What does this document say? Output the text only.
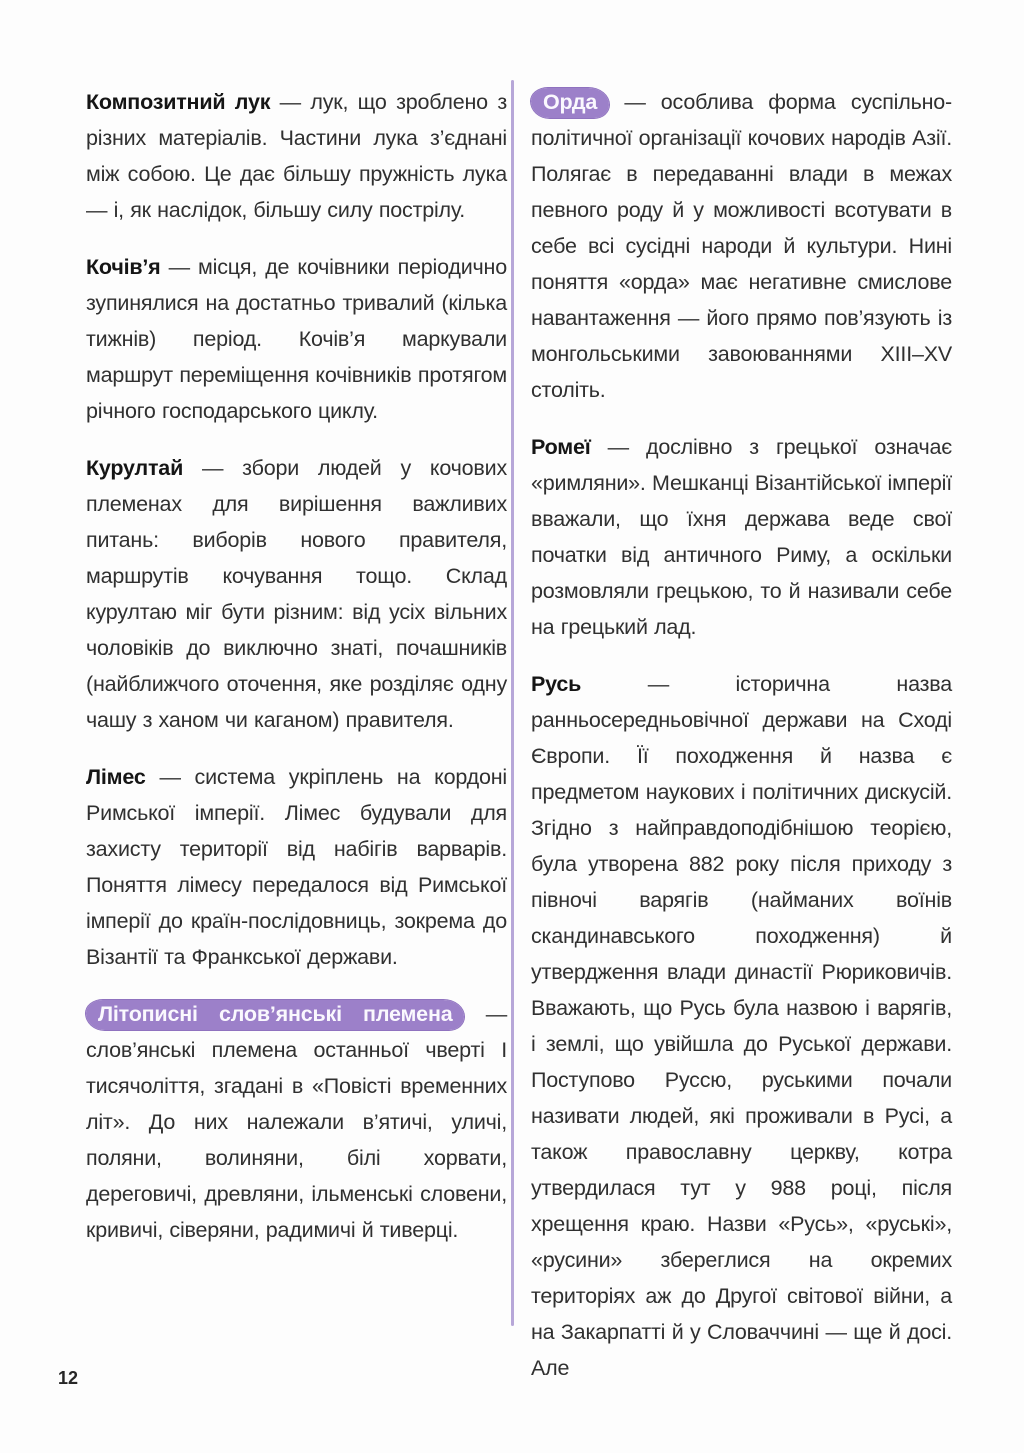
Композитний лук — лук, що зроблено з різних матеріалів. Частини лука з’єднані між собою. Це дає більшу пружність лука — і, як наслідок, більшу силу пострілу.

Кочів’я — місця, де кочівники періодично зупинялися на достатньо тривалий (кілька тижнів) період. Кочів’я маркували маршрут переміщення кочівників протягом річного господарського циклу.

Курултай — збори людей у кочових племенах для вирішення важливих питань: виборів нового правителя, маршрутів кочування тощо. Склад курултаю міг бути різним: від усіх вільних чоловіків до виключно знаті, почашників (найближчого оточення, яке розділяє одну чашу з ханом чи каганом) правителя.

Лімес — система укріплень на кордоні Римської імперії. Лімес будували для захисту території від набігів варварів. Поняття лімесу передалося від Римської імперії до країн-послідовниць, зокрема до Візантії та Франкської держави.

Літописні слов’янські племена — слов’янські племена останньої чверті І тисячоліття, згадані в «Повісті временних літ». До них належали в’ятичі, уличі, поляни, волиняни, білі хорвати, дереговичі, древляни, ільменські словени, кривичі, сіверяни, радимичі й тиверці.

Орда — особлива форма суспільно-політичної організації кочових народів Азії. Полягає в передаванні влади в межах певного роду й у можливості всотувати в себе всі сусідні народи й культури. Нині поняття «орда» має негативне смислове навантаження — його прямо пов’язують із монгольськими завоюваннями XIII–XV століть.

Ромеї — дослівно з грецької означає «римляни». Мешканці Візантійської імперії вважали, що їхня держава веде свої початки від античного Риму, а оскільки розмовляли грецькою, то й називали себе на грецький лад.

Русь	— історична назва ранньосередньовічної держави на Сході Європи. Її походження й назва є предметом наукових і політичних дискусій. Згідно з найправдоподібнішою теорією, була утворена 882 року після приходу з півночі варягів (найманих воїнів скандинавського походження) й утвердження влади династії Рюриковичів. Вважають, що Русь була назвою і варягів, і землі, що увійшла до Руської держави. Поступово Руссю, руськими почали називати людей, які проживали в Русі, а також православну церкву, котра утвердилася тут у 988 році, після хрещення краю. Назви «Русь», «руські», «русини» збереглися на окремих територіях аж до Другої світової війни, а на Закарпатті й у Словаччині — ще й досі. Але

12
